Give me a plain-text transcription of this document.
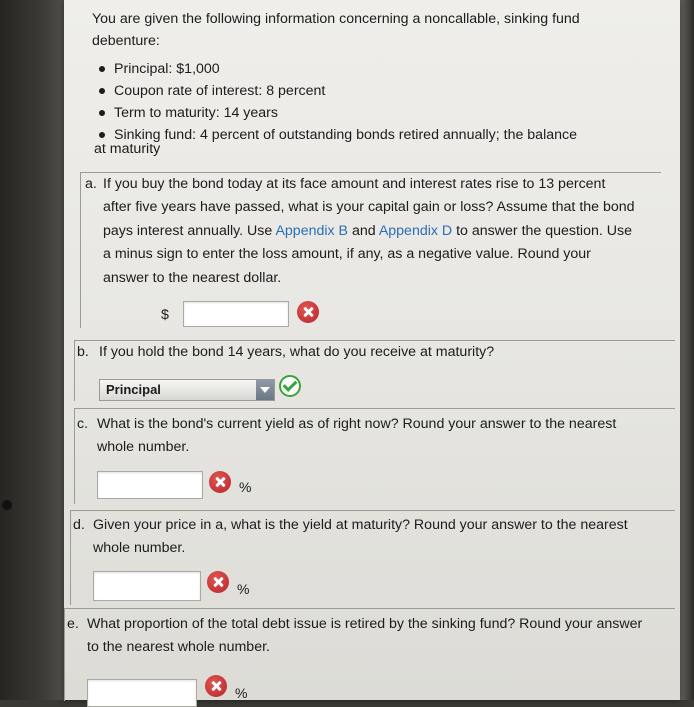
You are given the following information concerning a noncallable, sinking fund debenture:
Principal: $1,000
Coupon rate of interest: 8 percent
Term to maturity: 14 years
Sinking fund: 4 percent of outstanding bonds retired annually; the balance
at maturity
a. If you buy the bond today at its face amount and interest rates rise to 13 percent after five years have passed, what is your capital gain or loss? Assume that the bond pays interest annually. Use Appendix B and Appendix D to answer the question. Use a minus sign to enter the loss amount, if any, as a negative value. Round your answer to the nearest dollar.
$
b. If you hold the bond 14 years, what do you receive at maturity?
Principal
c. What is the bond's current yield as of right now? Round your answer to the nearest whole number.
%
d. Given your price in a, what is the yield at maturity? Round your answer to the nearest whole number.
%
e. What proportion of the total debt issue is retired by the sinking fund? Round your answer to the nearest whole number.
%
